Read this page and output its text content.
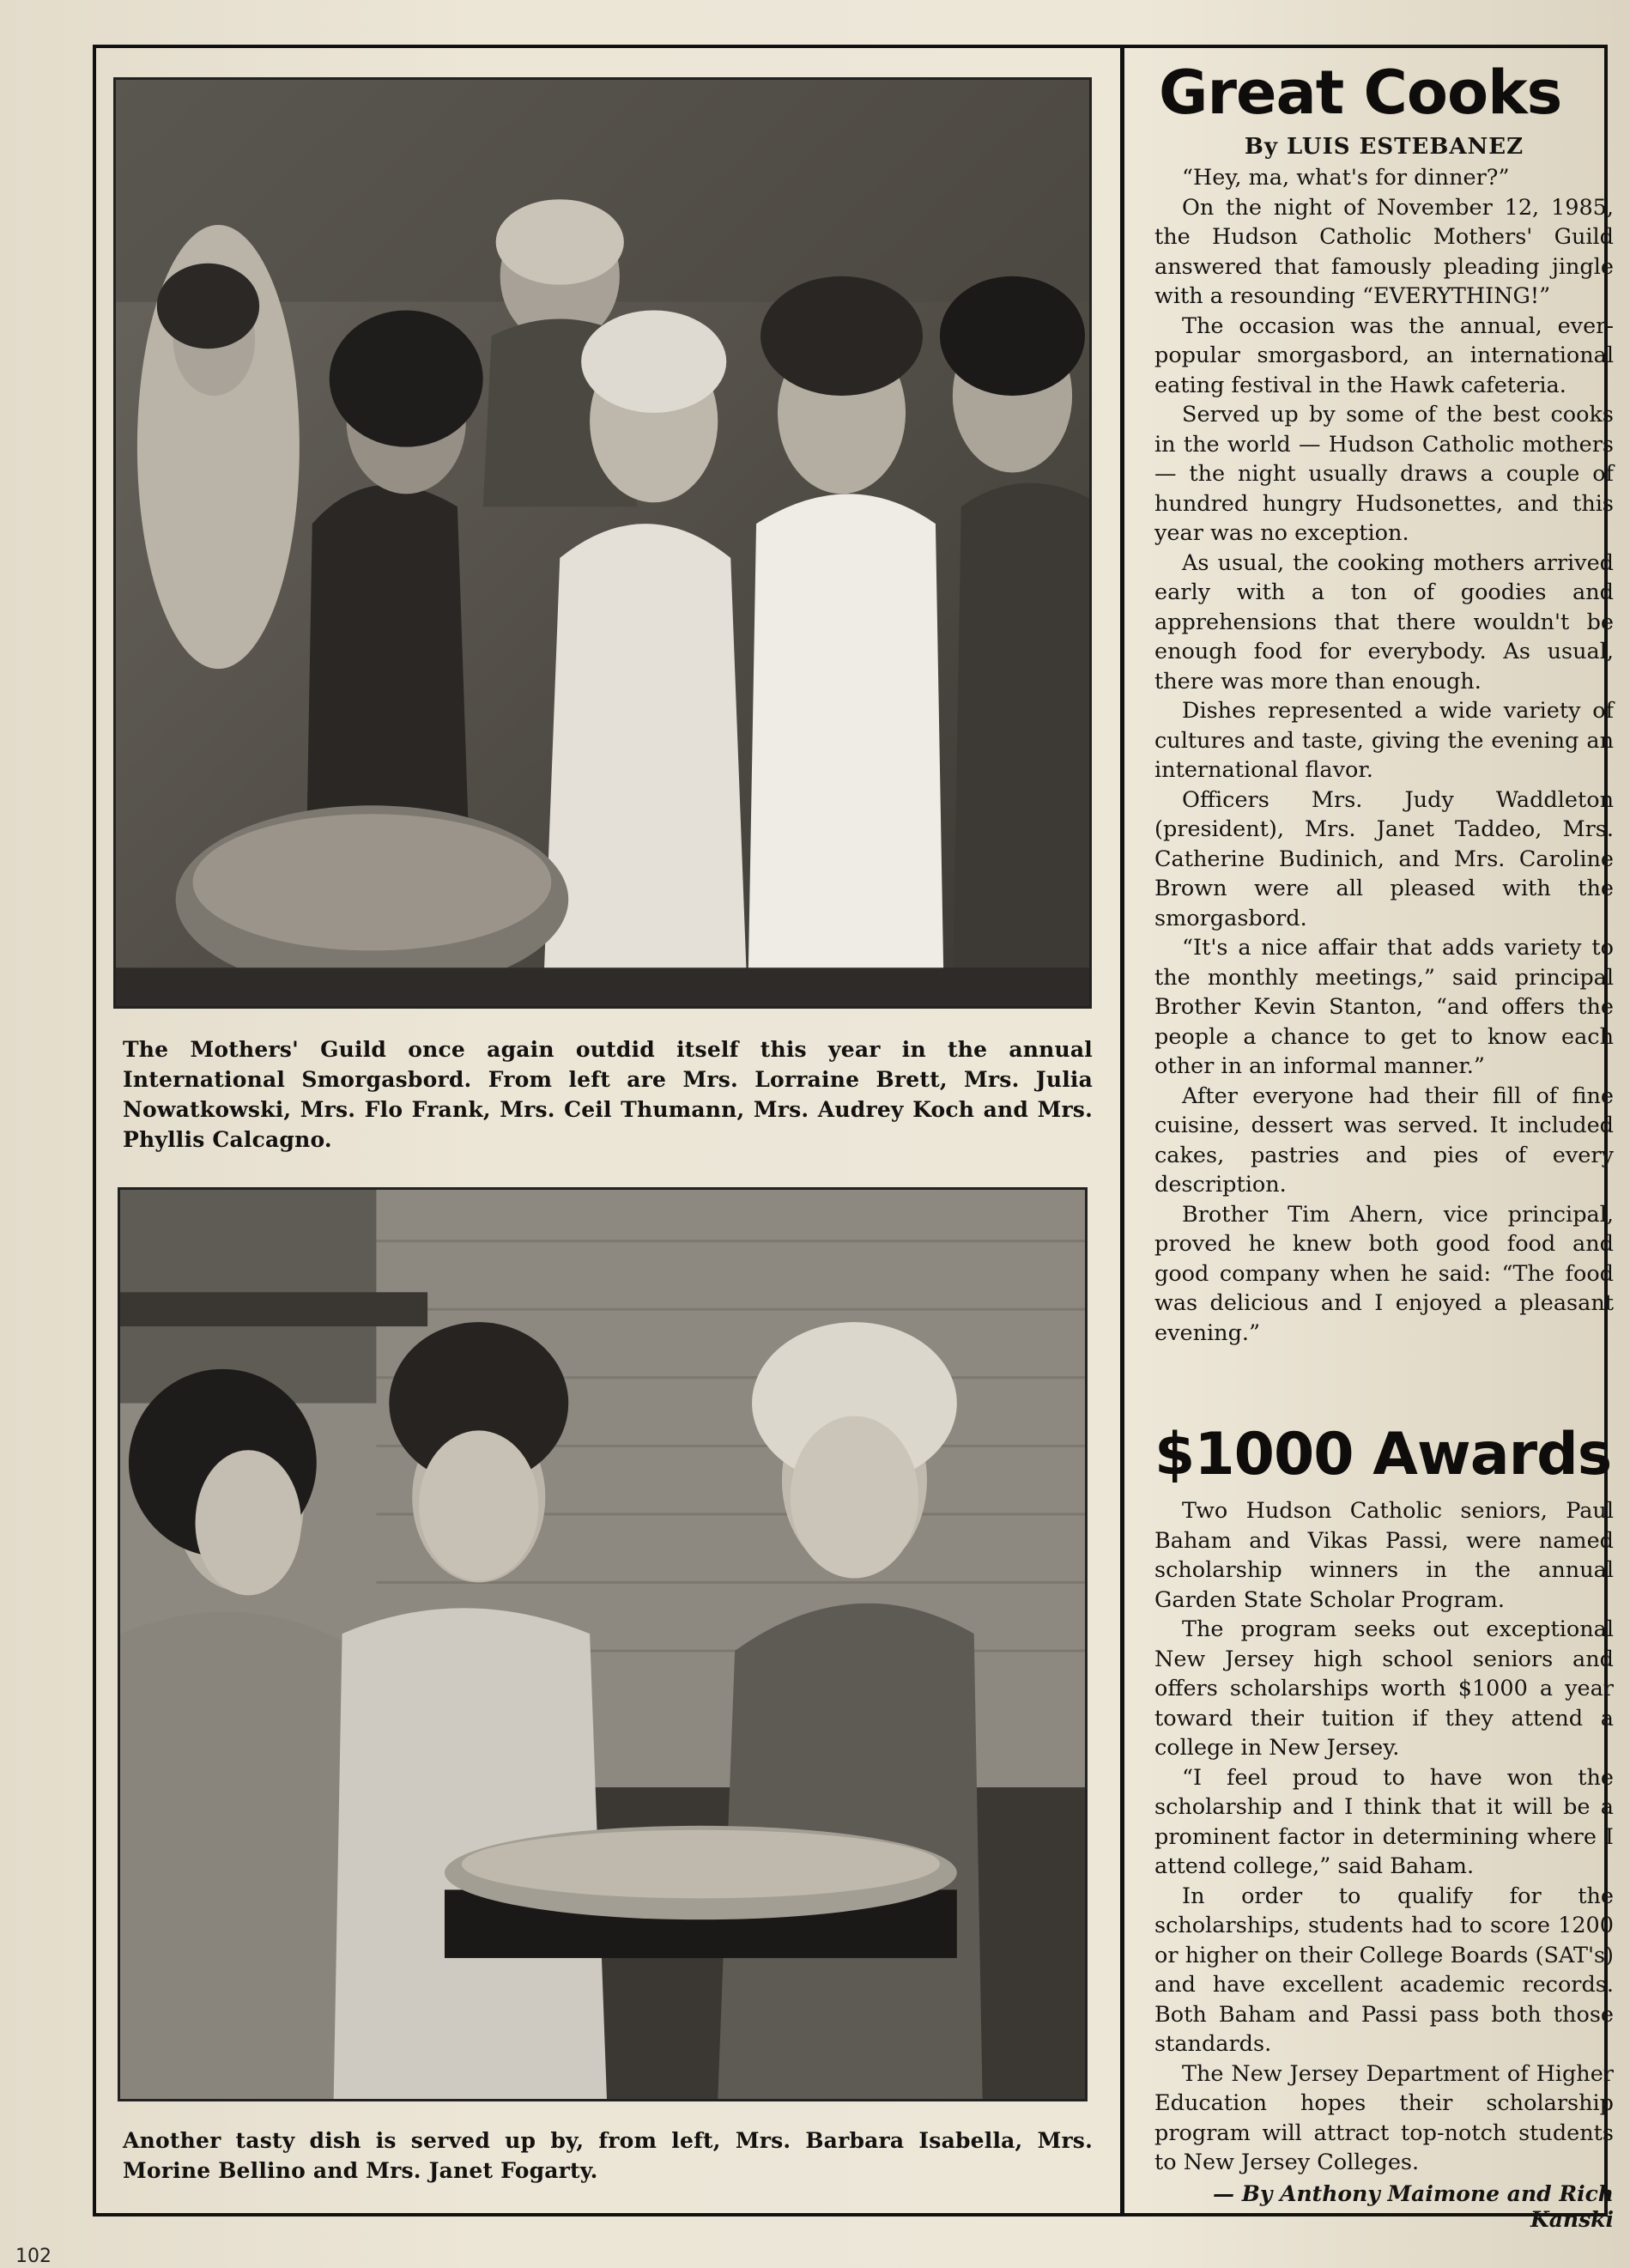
The Mothers' Guild once again outdid itself this year in the annual International Smorgasbord. From left are Mrs. Lorraine Brett, Mrs. Julia Nowatkowski, Mrs. Flo Frank, Mrs. Ceil Thumann, Mrs. Audrey Koch and Mrs. Phyllis Calcagno.

Another tasty dish is served up by, from left, Mrs. Barbara Isabella, Mrs. Morine Bellino and Mrs. Janet Fogarty.

Great Cooks
By LUIS ESTEBANEZ

“Hey, ma, what's for dinner?”

On the night of November 12, 1985, the Hudson Catholic Mothers' Guild answered that famously pleading jingle with a resounding “EVERYTHING!”

The occasion was the annual, ever-popular smorgasbord, an international eating festival in the Hawk cafeteria.

Served up by some of the best cooks in the world — Hudson Catholic mothers — the night usually draws a couple of hundred hungry Hudsonettes, and this year was no exception.

As usual, the cooking mothers arrived early with a ton of goodies and apprehensions that there wouldn't be enough food for everybody. As usual, there was more than enough.

Dishes represented a wide variety of cultures and taste, giving the evening an international flavor.

Officers Mrs. Judy Waddleton (president), Mrs. Janet Taddeo, Mrs. Catherine Budinich, and Mrs. Caroline Brown were all pleased with the smorgasbord.

“It's a nice affair that adds variety to the monthly meetings,” said principal Brother Kevin Stanton, “and offers the people a chance to get to know each other in an informal manner.”

After everyone had their fill of fine cuisine, dessert was served. It included cakes, pastries and pies of every description.

Brother Tim Ahern, vice principal, proved he knew both good food and good company when he said: “The food was delicious and I enjoyed a pleasant evening.”

$1000 Awards

Two Hudson Catholic seniors, Paul Baham and Vikas Passi, were named scholarship winners in the annual Garden State Scholar Program.

The program seeks out exceptional New Jersey high school seniors and offers scholarships worth $1000 a year toward their tuition if they attend a college in New Jersey.

“I feel proud to have won the scholarship and I think that it will be a prominent factor in determining where I attend college,” said Baham.

In order to qualify for the scholarships, students had to score 1200 or higher on their College Boards (SAT's) and have excellent academic records. Both Baham and Passi pass both those standards.

The New Jersey Department of Higher Education hopes their scholarship program will attract top-notch students to New Jersey Colleges.

— By Anthony Maimone and Rich Kanski
102
